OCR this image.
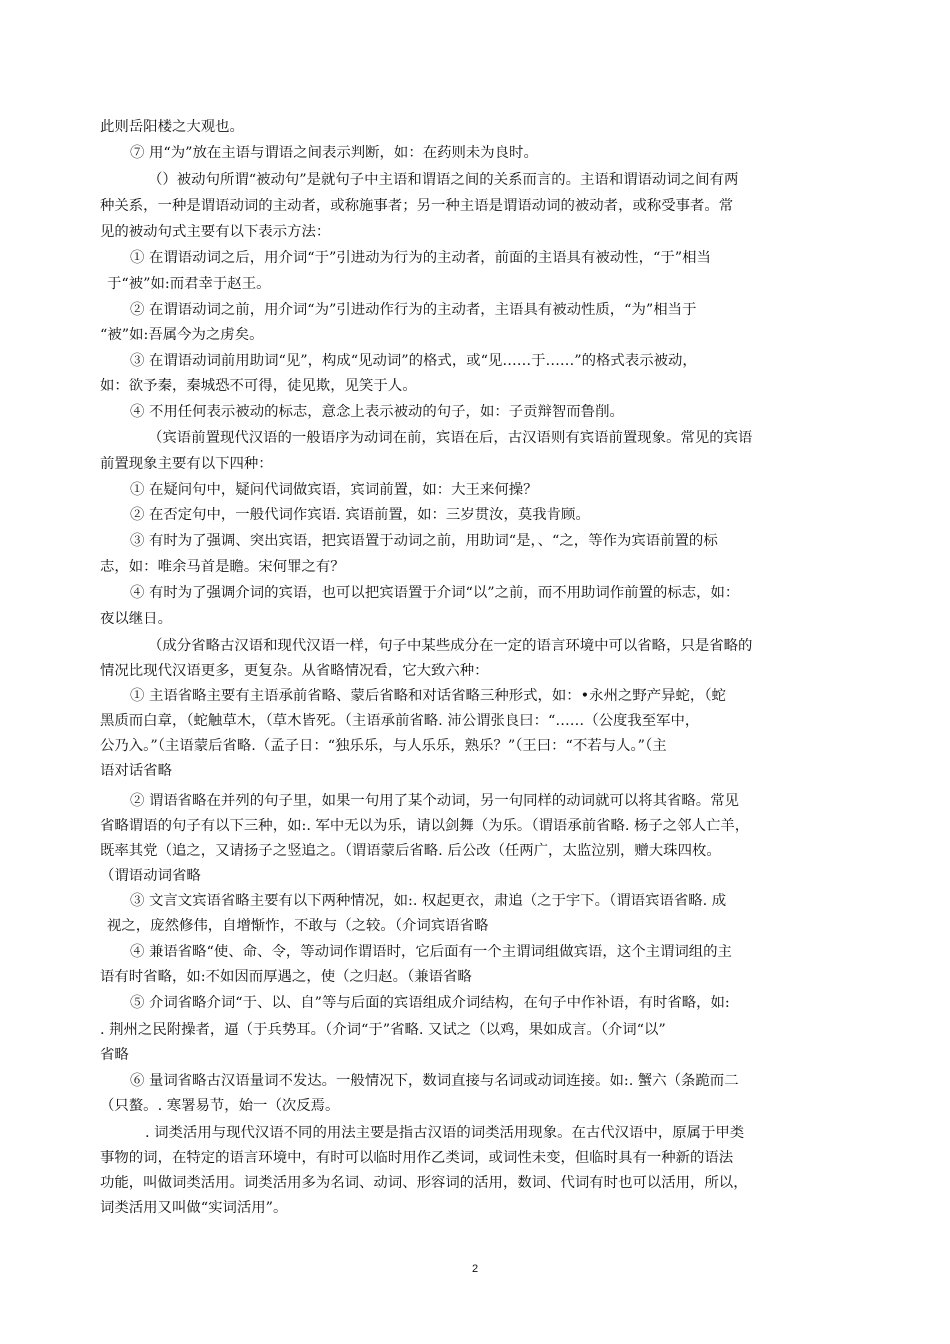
此则岳阳楼之大观也。
⑦ 用“为”放在主语与谓语之间表示判断，如：在药则未为良时。
（）被动句所谓“被动句”是就句子中主语和谓语之间的关系而言的。主语和谓语动词之间有两
种关系，一种是谓语动词的主动者，或称施事者；另一种主语是谓语动词的被动者，或称受事者。常
见的被动句式主要有以下表示方法：
① 在谓语动词之后，用介词“于”引进动为行为的主动者，前面的主语具有被动性，“于”相当
于“被”如:而君幸于赵王。
② 在谓语动词之前，用介词“为”引进动作行为的主动者，主语具有被动性质，“为”相当于
“被”如:吾属今为之虏矣。
③ 在谓语动词前用助词“见”，构成“见动词”的格式，或“见……于……”的格式表示被动，
如：欲予秦，秦城恐不可得，徒见欺，见笑于人。
④ 不用任何表示被动的标志，意念上表示被动的句子，如：子贡辩智而鲁削。
（宾语前置现代汉语的一般语序为动词在前，宾语在后，古汉语则有宾语前置现象。常见的宾语
前置现象主要有以下四种：
① 在疑问句中，疑问代词做宾语，宾词前置，如：大王来何操？
② 在否定句中，一般代词作宾语. 宾语前置，如：三岁贯汝，莫我肯顾。
③ 有时为了强调、突出宾语，把宾语置于动词之前，用助词“是，、“之，等作为宾语前置的标
志，如：唯余马首是瞻。宋何罪之有？
④ 有时为了强调介词的宾语，也可以把宾语置于介词“以”之前，而不用助词作前置的标志，如：
夜以继日。
（成分省略古汉语和现代汉语一样，句子中某些成分在一定的语言环境中可以省略，只是省略的
情况比现代汉语更多，更复杂。从省略情况看，它大致六种：
① 主语省略主要有主语承前省略、蒙后省略和对话省略三种形式，如：•永州之野产异蛇，（蛇
黑质而白章，（蛇触草木，（草木皆死。（主语承前省略. 沛公谓张良曰：“……（公度我至军中，
公乃入。”（主语蒙后省略.（孟子日：“独乐乐，与人乐乐，熟乐？”（王曰：“不若与人。”（主
语对话省略
② 谓语省略在并列的句子里，如果一句用了某个动词，另一句同样的动词就可以将其省略。常见
省略谓语的句子有以下三种，如:. 军中无以为乐，请以剑舞（为乐。（谓语承前省略. 杨子之邻人亡羊，
既率其党（追之，又请扬子之竖追之。（谓语蒙后省略. 后公改（任两广，太监泣别，赠大珠四枚。
（谓语动词省略
③ 文言文宾语省略主要有以下两种情况，如:. 权起更衣，肃追（之于宇下。（谓语宾语省略. 成
视之，庞然修伟，自增惭怍，不敢与（之较。（介词宾语省略
④ 兼语省略“使、命、令，等动词作谓语时，它后面有一个主谓词组做宾语，这个主谓词组的主
语有时省略，如:不如因而厚遇之，使（之归赵。（兼语省略
⑤ 介词省略介词“于、以、自”等与后面的宾语组成介词结构，在句子中作补语，有时省略，如:
. 荆州之民附操者，逼（于兵势耳。（介词“于”省略. 又试之（以鸡，果如成言。（介词“以”
省略
⑥ 量词省略古汉语量词不发达。一般情况下，数词直接与名词或动词连接。如:. 蟹六（条跪而二
（只螯。. 寒署易节，始一（次反焉。
. 词类活用与现代汉语不同的用法主要是指古汉语的词类活用现象。在古代汉语中，原属于甲类
事物的词，在特定的语言环境中，有时可以临时用作乙类词，或词性未变，但临时具有一种新的语法
功能，叫做词类活用。词类活用多为名词、动词、形容词的活用，数词、代词有时也可以活用，所以，
词类活用又叫做“实词活用”。
2
